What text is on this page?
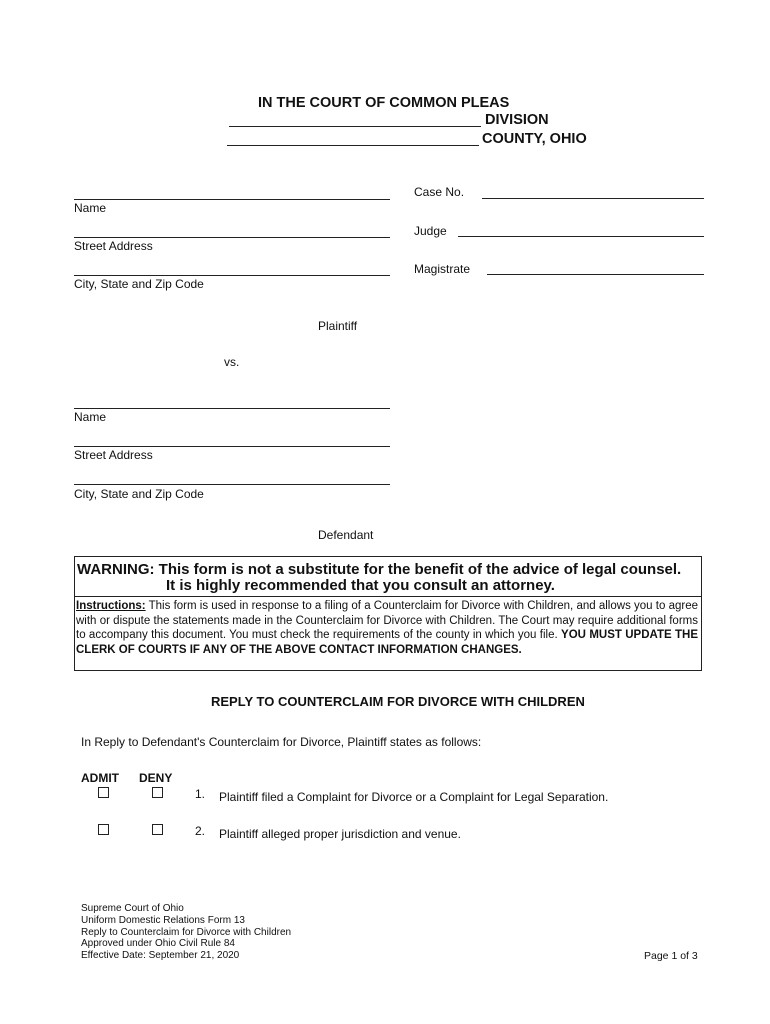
IN THE COURT OF COMMON PLEAS
DIVISION
COUNTY, OHIO
Name
Street Address
City, State and Zip Code
Plaintiff
Case No.
Judge
Magistrate
vs.
Name
Street Address
City, State and Zip Code
Defendant
WARNING: This form is not a substitute for the benefit of the advice of legal counsel.
It is highly recommended that you consult an attorney.
Instructions: This form is used in response to a filing of a Counterclaim for Divorce with Children, and allows you to agree with or dispute the statements made in the Counterclaim for Divorce with Children. The Court may require additional forms to accompany this document. You must check the requirements of the county in which you file. YOU MUST UPDATE THE CLERK OF COURTS IF ANY OF THE ABOVE CONTACT INFORMATION CHANGES.
REPLY TO COUNTERCLAIM FOR DIVORCE WITH CHILDREN
In Reply to Defendant's Counterclaim for Divorce, Plaintiff states as follows:
ADMIT DENY
1. Plaintiff filed a Complaint for Divorce or a Complaint for Legal Separation.
2. Plaintiff alleged proper jurisdiction and venue.
Supreme Court of Ohio
Uniform Domestic Relations Form 13
Reply to Counterclaim for Divorce with Children
Approved under Ohio Civil Rule 84
Effective Date: September 21, 2020	Page 1 of 3
